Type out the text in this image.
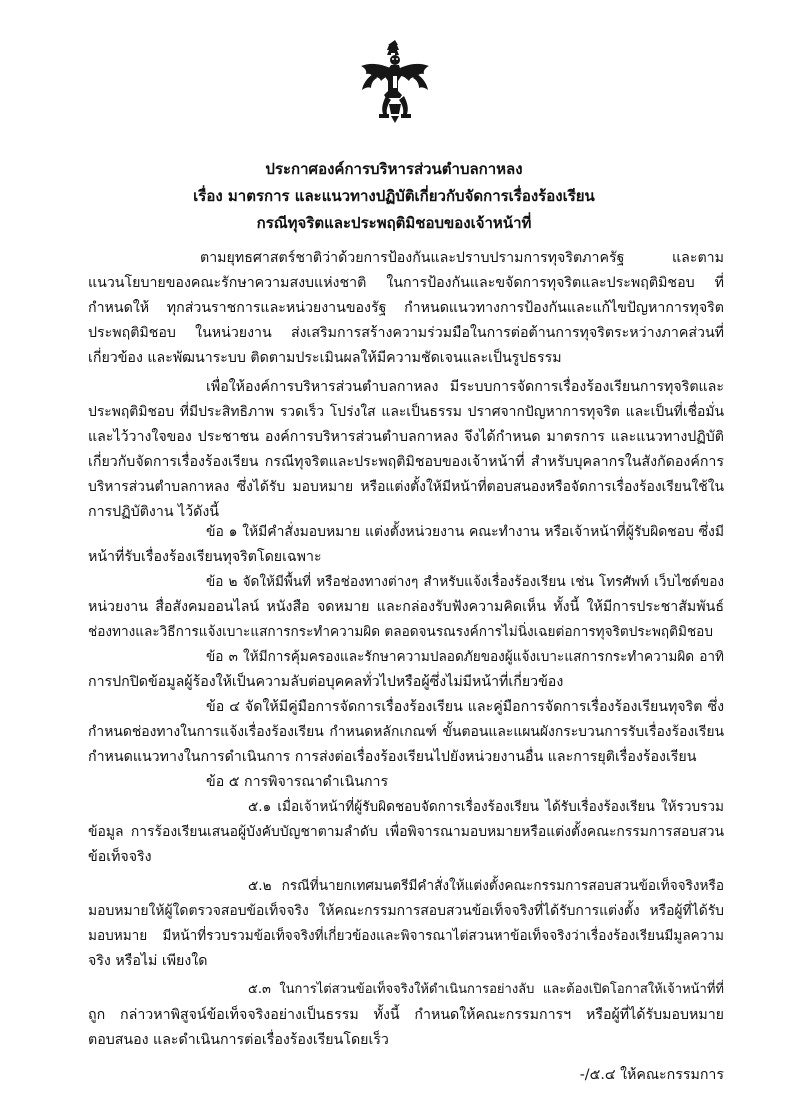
ประกาศองค์การบริหารส่วนตำบลกาหลง
เรื่อง มาตรการ และแนวทางปฏิบัติเกี่ยวกับจัดการเรื่องร้องเรียน
กรณีทุจริตและประพฤติมิชอบของเจ้าหน้าที่
ตามยุทธศาสตร์ชาติว่าด้วยการป้องกันและปราบปรามการทุจริตภาครัฐ และตาม
แนวนโยบายของคณะรักษาความสงบแห่งชาติ ในการป้องกันและขจัดการทุจริตและประพฤติมิชอบ ที่
กำหนดให้ ทุกส่วนราชการและหน่วยงานของรัฐ กำหนดแนวทางการป้องกันและแก้ไขปัญหาการทุจริต
ประพฤติมิชอบ ในหน่วยงาน ส่งเสริมการสร้างความร่วมมือในการต่อต้านการทุจริตระหว่างภาคส่วนที่
เกี่ยวข้อง และพัฒนาระบบ ติดตามประเมินผลให้มีความชัดเจนและเป็นรูปธรรม
เพื่อให้องค์การบริหารส่วนตำบลกาหลง มีระบบการจัดการเรื่องร้องเรียนการทุจริตและ
ประพฤติมิชอบ ที่มีประสิทธิภาพ รวดเร็ว โปร่งใส และเป็นธรรม ปราศจากปัญหาการทุจริต และเป็นที่เชื่อมั่น
และไว้วางใจของ ประชาชน องค์การบริหารส่วนตำบลกาหลง จึงได้กำหนด มาตรการ และแนวทางปฏิบัติ
เกี่ยวกับจัดการเรื่องร้องเรียน กรณีทุจริตและประพฤติมิชอบของเจ้าหน้าที่ สำหรับบุคลากรในสังกัดองค์การ
บริหารส่วนตำบลกาหลง ซึ่งได้รับ มอบหมาย หรือแต่งตั้งให้มีหน้าที่ตอบสนองหรือจัดการเรื่องร้องเรียนใช้ใน
การปฏิบัติงาน ไว้ดังนี้
ข้อ ๑ ให้มีคำสั่งมอบหมาย แต่งตั้งหน่วยงาน คณะทำงาน หรือเจ้าหน้าที่ผู้รับผิดชอบ ซึ่งมี
หน้าที่รับเรื่องร้องเรียนทุจริตโดยเฉพาะ
ข้อ ๒ จัดให้มีพื้นที่ หรือช่องทางต่างๆ สำหรับแจ้งเรื่องร้องเรียน เช่น โทรศัพท์ เว็บไซต์ของ
หน่วยงาน สื่อสังคมออนไลน์ หนังสือ จดหมาย และกล่องรับฟังความคิดเห็น ทั้งนี้ ให้มีการประชาสัมพันธ์
ช่องทางและวิธีการแจ้งเบาะแสการกระทำความผิด ตลอดจนรณรงค์การไม่นิ่งเฉยต่อการทุจริตประพฤติมิชอบ
ข้อ ๓ ให้มีการคุ้มครองและรักษาความปลอดภัยของผู้แจ้งเบาะแสการกระทำความผิด อาทิ
การปกปิดข้อมูลผู้ร้องให้เป็นความลับต่อบุคคลทั่วไปหรือผู้ซึ่งไม่มีหน้าที่เกี่ยวข้อง
ข้อ ๔ จัดให้มีคู่มือการจัดการเรื่องร้องเรียน และคู่มือการจัดการเรื่องร้องเรียนทุจริต ซึ่ง
กำหนดช่องทางในการแจ้งเรื่องร้องเรียน กำหนดหลักเกณฑ์ ขั้นตอนและแผนผังกระบวนการรับเรื่องร้องเรียน
กำหนดแนวทางในการดำเนินการ การส่งต่อเรื่องร้องเรียนไปยังหน่วยงานอื่น และการยุติเรื่องร้องเรียน
ข้อ ๕ การพิจารณาดำเนินการ
๕.๑ เมื่อเจ้าหน้าที่ผู้รับผิดชอบจัดการเรื่องร้องเรียน ได้รับเรื่องร้องเรียน ให้รวบรวม
ข้อมูล การร้องเรียนเสนอผู้บังคับบัญชาตามลำดับ เพื่อพิจารณามอบหมายหรือแต่งตั้งคณะกรรมการสอบสวน
ข้อเท็จจริง
๕.๒ กรณีที่นายกเทศมนตรีมีคำสั่งให้แต่งตั้งคณะกรรมการสอบสวนข้อเท็จจริงหรือ
มอบหมายให้ผู้ใดตรวจสอบข้อเท็จจริง ให้คณะกรรมการสอบสวนข้อเท็จจริงที่ได้รับการแต่งตั้ง หรือผู้ที่ได้รับ
มอบหมาย มีหน้าที่รวบรวมข้อเท็จจริงที่เกี่ยวข้องและพิจารณาไต่สวนหาข้อเท็จจริงว่าเรื่องร้องเรียนมีมูลความ
จริง หรือไม่ เพียงใด
๕.๓ ในการไต่สวนข้อเท็จจริงให้ดำเนินการอย่างลับ และต้องเปิดโอกาสให้เจ้าหน้าที่ที่
ถูก กล่าวหาพิสูจน์ข้อเท็จจริงอย่างเป็นธรรม ทั้งนี้ กำหนดให้คณะกรรมการฯ หรือผู้ที่ได้รับมอบหมาย
ตอบสนอง และดำเนินการต่อเรื่องร้องเรียนโดยเร็ว
-/๕.๔ ให้คณะกรรมการ
